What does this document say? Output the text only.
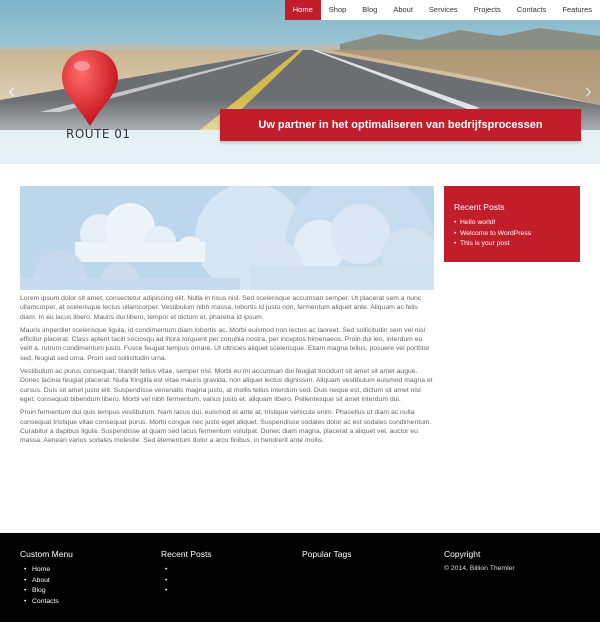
Home	Shop	Blog	About	Services	Projects	Contacts	Features
‹	›
ROUTE 01
Uw partner in het optimaliseren van bedrijfsprocessen

Lorem ipsum dolor sit amet, consectetur adipiscing elit. Nulla in risus nisl. Sed scelerisque accumsan semper. Ut placerat sem a nunc ullamcorper, at scelerisque lectus ullamcorper. Vestibulum nibh massa, lobortis id justo non, fermentum aliquet ante. Aliquam ac felis diam. In eu lacus libero. Mauris dui libero, tempor et dictum et, pharetra id ipsum.

Mauris imperdiet scelerisque ligula, id condimentum diam lobortis ac. Morbi euismod non lectus ac laoreet. Sed sollicitudin sem vel nisl efficitur placerat. Class aptent taciti sociosqu ad litora torquent per conubia nostra, per inceptos himenaeos. Proin dui leo, interdum eu velit a, rutrum condimentum justo. Fusce feugiat tempus ornare. Ut ultricies aliquet scelerisque. Etiam magna tellus, posuere vel porttitor sed, feugiat sed urna. Proin sed sollicitudin urna.

Vestibulum ac purus consequat, blandit tellus vitae, semper nisl. Morbi eu mi accumsan dui feugiat tincidunt sit amet sit amet augue. Donec lacinia feugiat placerat. Nulla fringilla est vitae mauris gravida, non aliquet lectus dignissim. Aliquam vestibulum euismod magna et cursus. Duis sit amet justo elit. Suspendisse venenatis magna justo, at mollis tellus interdum sed. Duis neque est, dictum sit amet nisl eget, consequat bibendum libero. Morbi vel nibh fermentum, varius justo et, aliquam libero. Pellentesque sit amet interdum dui.

Proin fermentum dui quis tempus vestibulum. Nam lacus dui, euismod et ante at, tristique vehicula enim. Phasellus ut diam ac nulla consequat tristique vitae consequat purus. Morbi congue nec justo eget aliquet. Suspendisse sodales dolor ac est sodales condimentum. Curabitur a dapibus ligula. Suspendisse at quam sed lacus fermentum volutpat. Donec diam magna, placerat a aliquet vel, auctor eu massa. Aenean varius sodales molestie. Sed elementum dolor a arcu finibus, in hendrerit ante mollis.

Recent Posts
• Hello world!
• Welcome to WordPress
• This is your post
Custom Menu
• Home
• About
• Blog
• Contacts
Recent Posts
•
•
•	Popular Tags	Copyright
© 2014, Billion Themler
